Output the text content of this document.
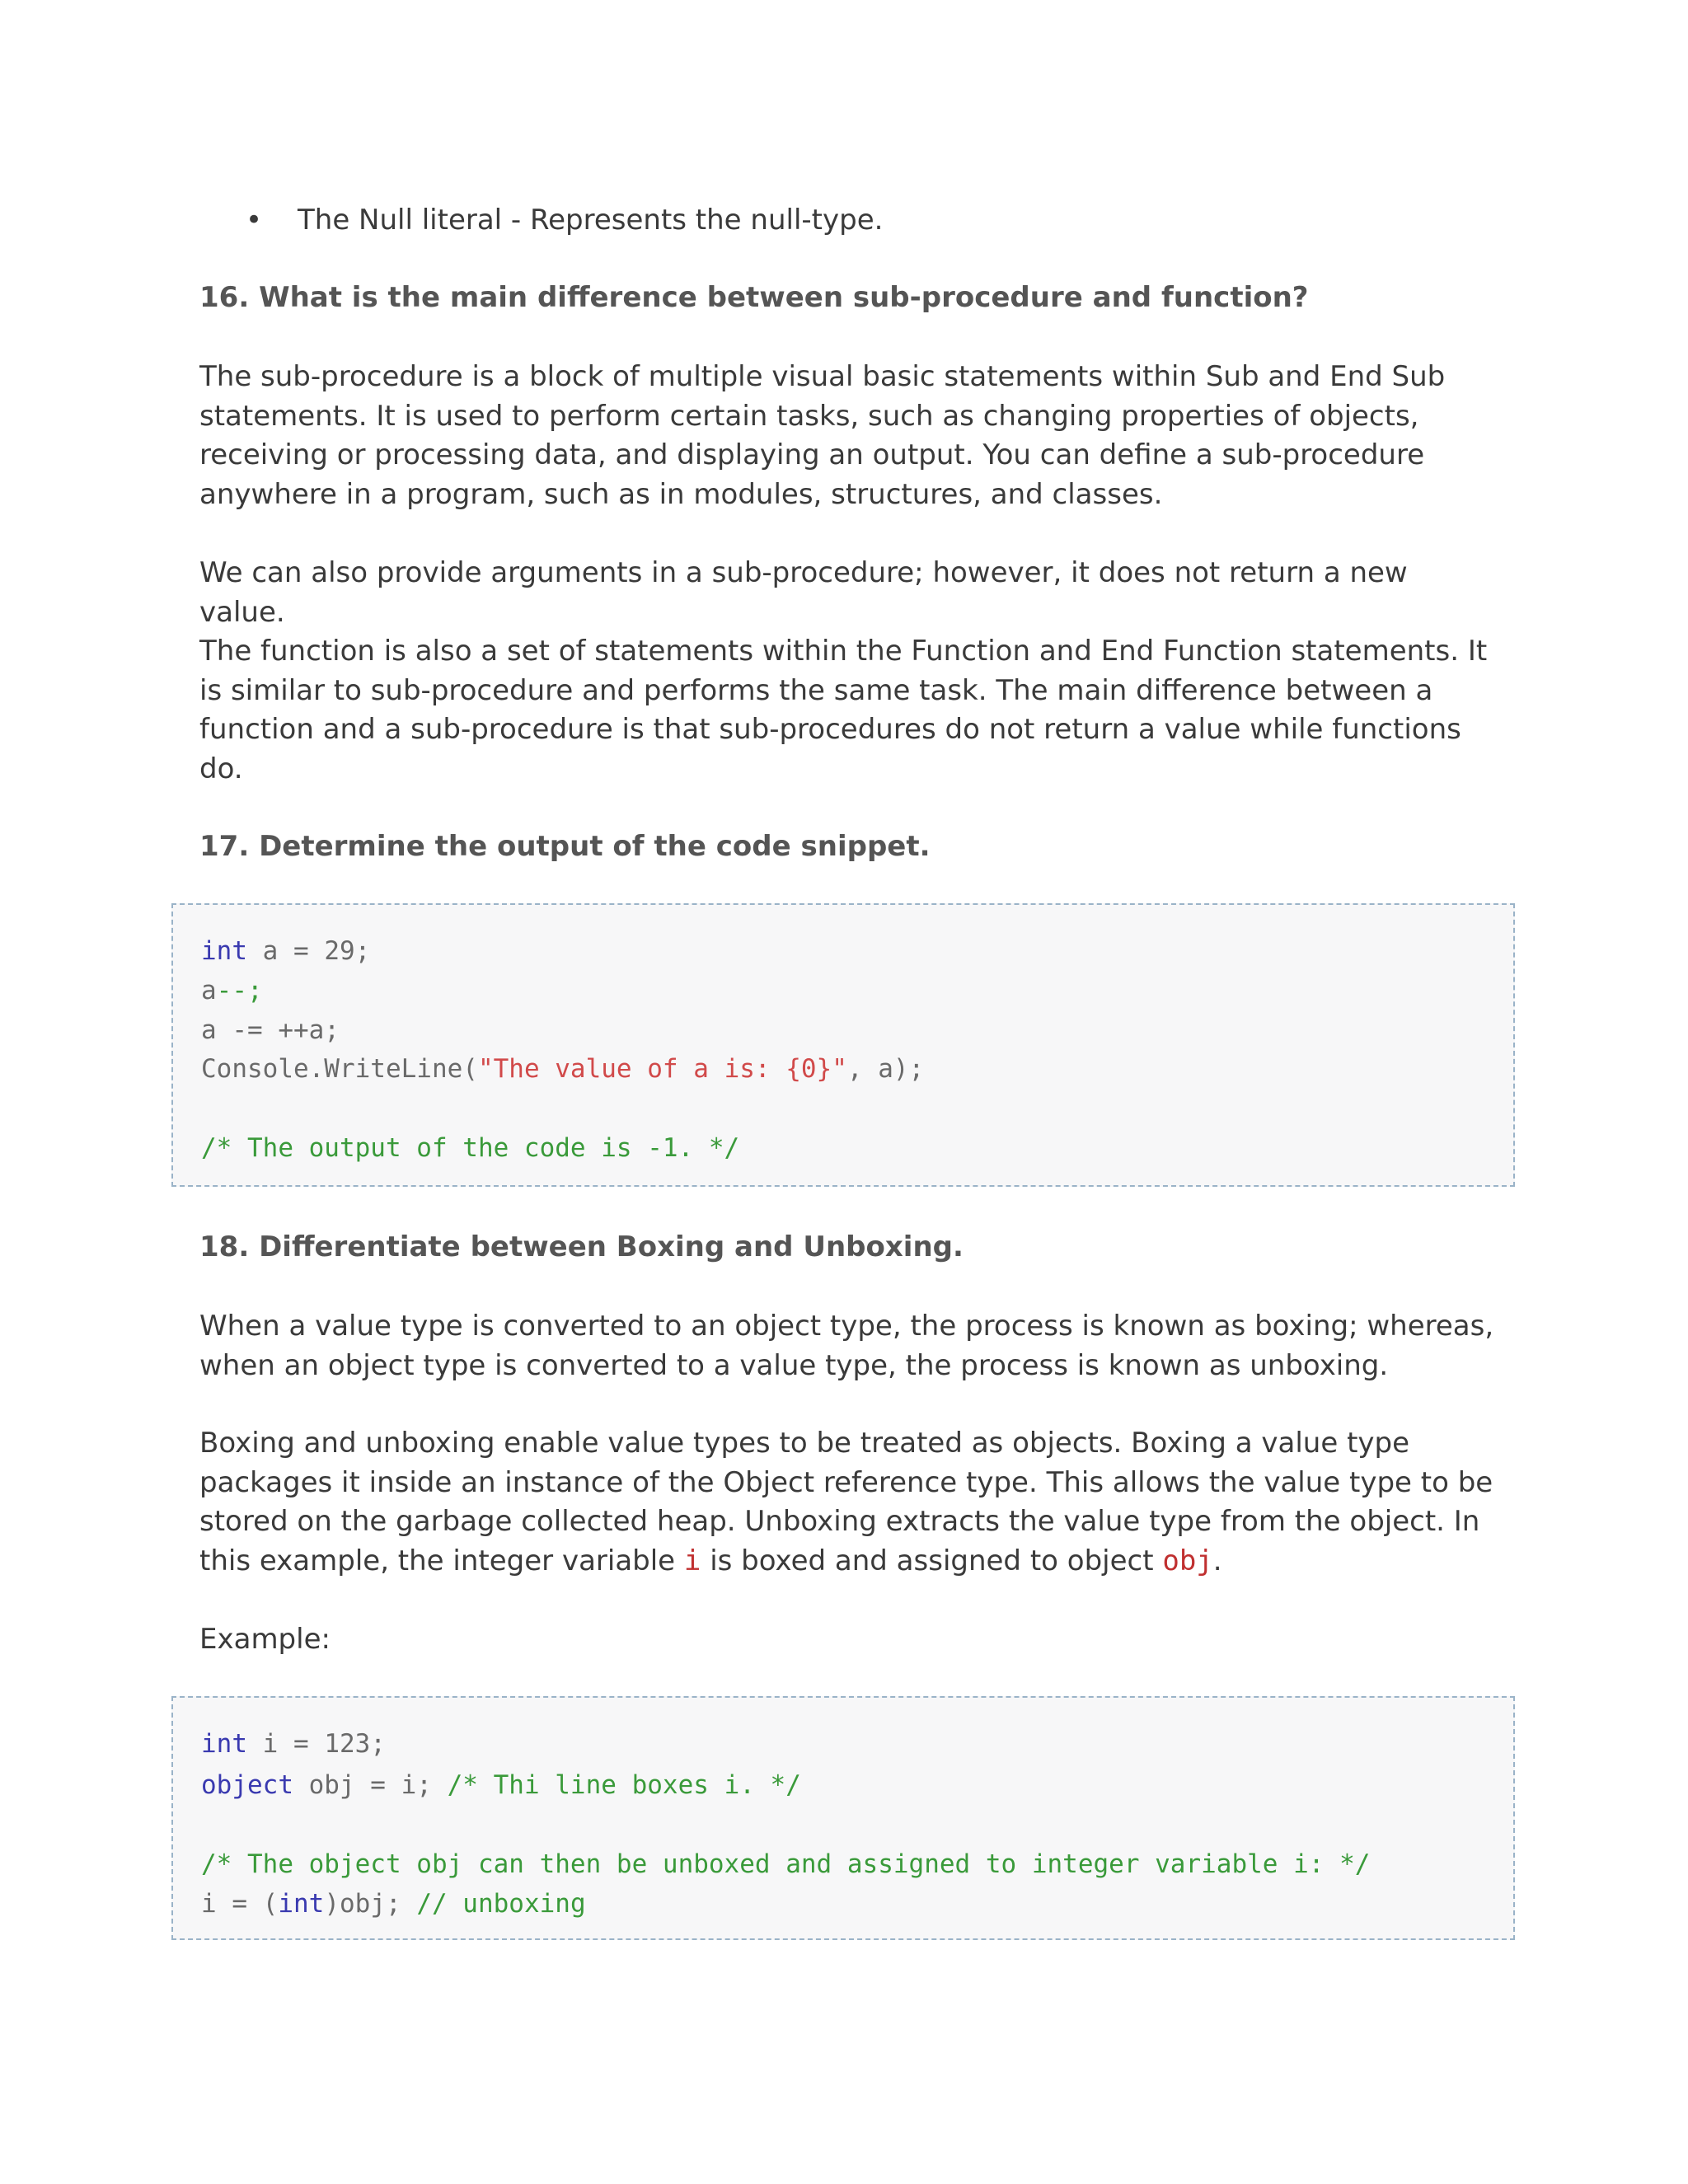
• The Null literal - Represents the null-type.
16. What is the main difference between sub-procedure and function?
The sub-procedure is a block of multiple visual basic statements within Sub and End Sub
statements. It is used to perform certain tasks, such as changing properties of objects,
receiving or processing data, and displaying an output. You can define a sub-procedure
anywhere in a program, such as in modules, structures, and classes.
We can also provide arguments in a sub-procedure; however, it does not return a new
value.
The function is also a set of statements within the Function and End Function statements. It
is similar to sub-procedure and performs the same task. The main difference between a
function and a sub-procedure is that sub-procedures do not return a value while functions
do.
17. Determine the output of the code snippet.
int a = 29;
a--;
a -= ++a;
Console.WriteLine("The value of a is: {0}", a);
/* The output of the code is -1. */
18. Differentiate between Boxing and Unboxing.
When a value type is converted to an object type, the process is known as boxing; whereas,
when an object type is converted to a value type, the process is known as unboxing.
Boxing and unboxing enable value types to be treated as objects. Boxing a value type
packages it inside an instance of the Object reference type. This allows the value type to be
stored on the garbage collected heap. Unboxing extracts the value type from the object. In
this example, the integer variable i is boxed and assigned to object obj.
Example:
int i = 123;
object obj = i; /* Thi line boxes i. */
/* The object obj can then be unboxed and assigned to integer variable i: */
i = (int)obj; // unboxing
